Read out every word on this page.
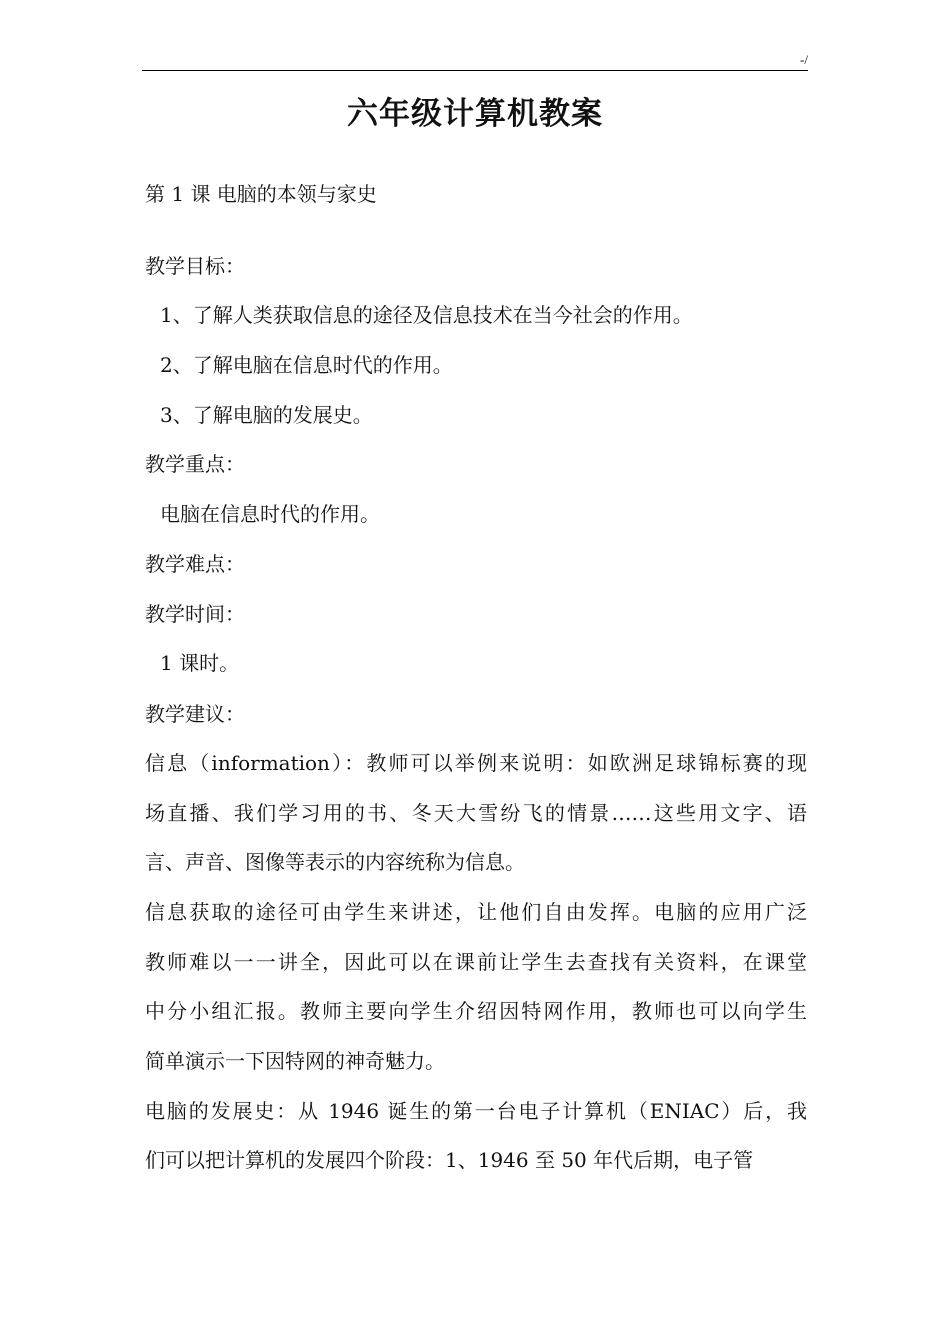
-/
六年级计算机教案
第 1 课 电脑的本领与家史
教学目标：
1、了解人类获取信息的途径及信息技术在当今社会的作用。
2、了解电脑在信息时代的作用。
3、了解电脑的发展史。
教学重点：
电脑在信息时代的作用。
教学难点：
教学时间：
1 课时。
教学建议：
信息（information）：教师可以举例来说明：如欧洲足球锦标赛的现
场直播、我们学习用的书、冬天大雪纷飞的情景……这些用文字、语
言、声音、图像等表示的内容统称为信息。
信息获取的途径可由学生来讲述，让他们自由发挥。电脑的应用广泛
教师难以一一讲全，因此可以在课前让学生去查找有关资料，在课堂
中分小组汇报。教师主要向学生介绍因特网作用，教师也可以向学生
简单演示一下因特网的神奇魅力。
电脑的发展史：从 1946 诞生的第一台电子计算机（ENIAC）后，我
们可以把计算机的发展四个阶段：1、1946 至 50 年代后期，电子管
